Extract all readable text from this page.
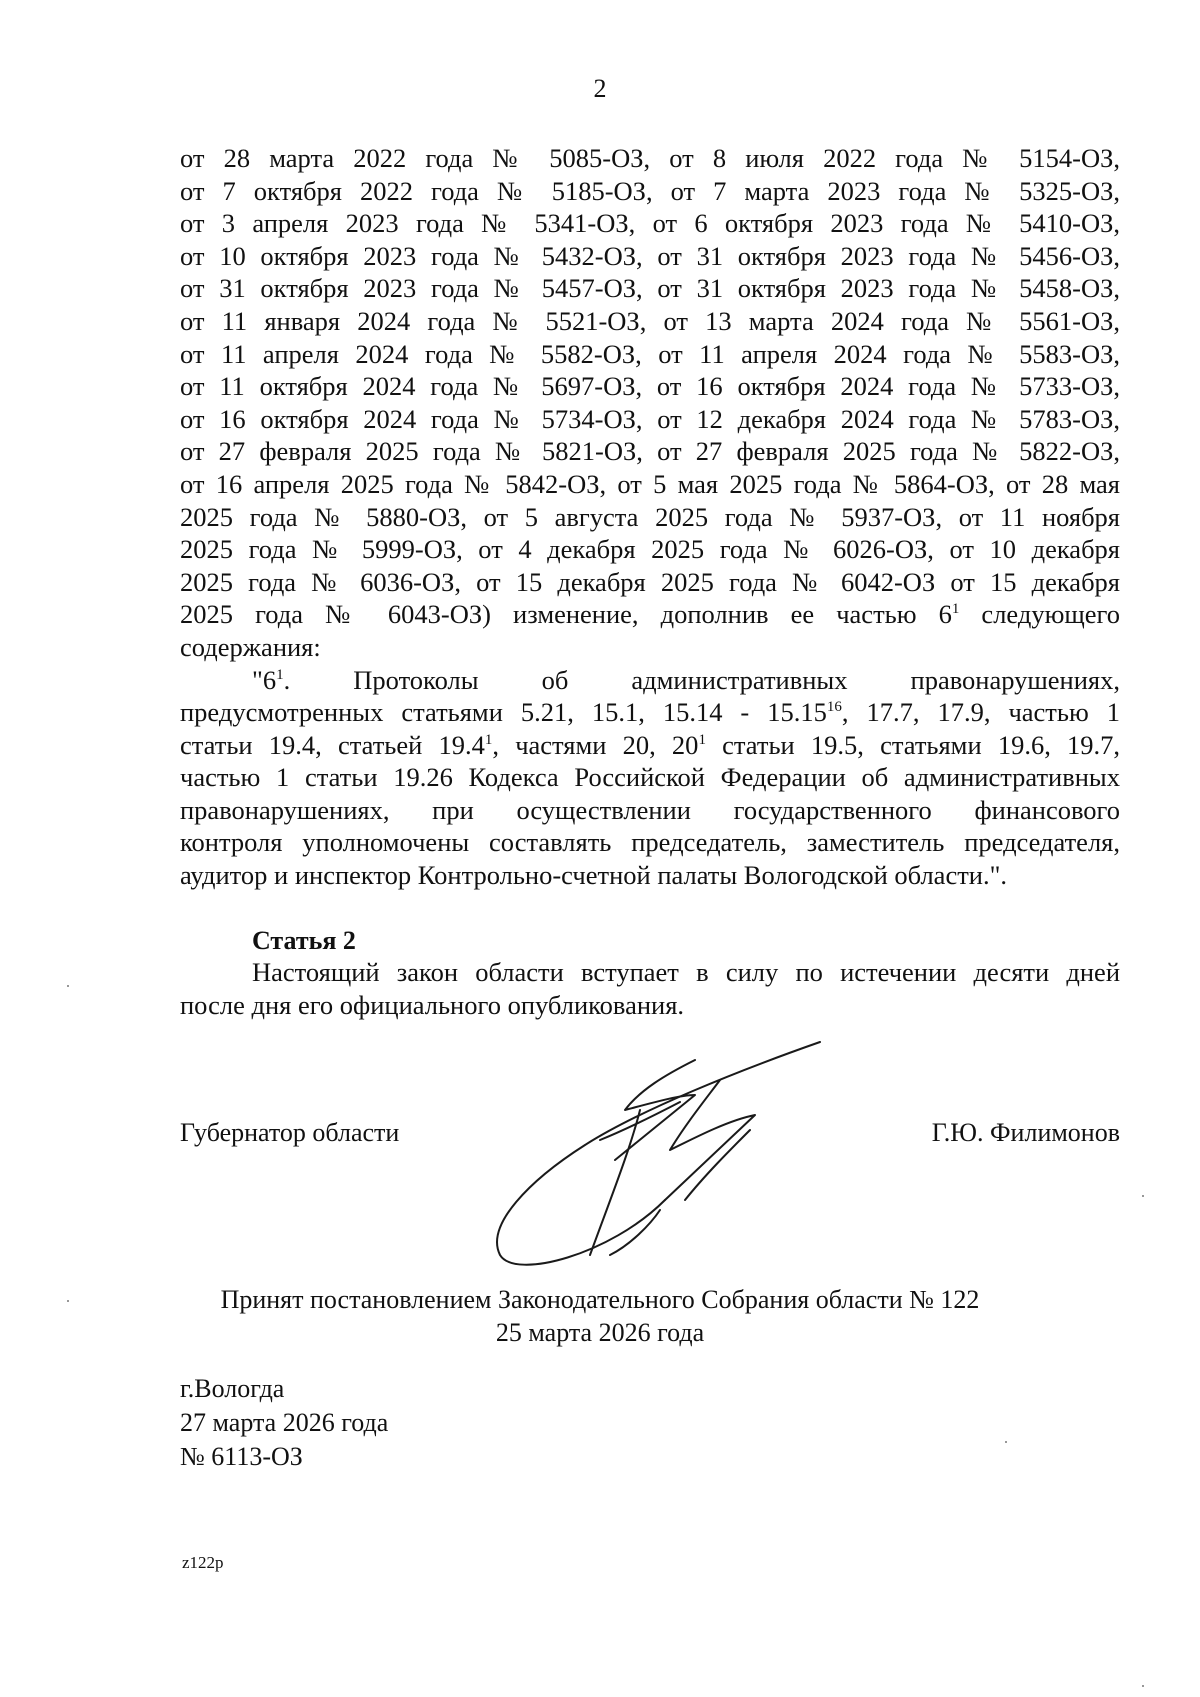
2
от 28 марта 2022 года № 5085-ОЗ, от 8 июля 2022 года № 5154-ОЗ,
от 7 октября 2022 года № 5185-ОЗ, от 7 марта 2023 года № 5325-ОЗ,
от 3 апреля 2023 года № 5341-ОЗ, от 6 октября 2023 года № 5410-ОЗ,
от 10 октября 2023 года № 5432-ОЗ, от 31 октября 2023 года № 5456-ОЗ,
от 31 октября 2023 года № 5457-ОЗ, от 31 октября 2023 года № 5458-ОЗ,
от 11 января 2024 года № 5521-ОЗ, от 13 марта 2024 года № 5561-ОЗ,
от 11 апреля 2024 года № 5582-ОЗ, от 11 апреля 2024 года № 5583-ОЗ,
от 11 октября 2024 года № 5697-ОЗ, от 16 октября 2024 года № 5733-ОЗ,
от 16 октября 2024 года № 5734-ОЗ, от 12 декабря 2024 года № 5783-ОЗ,
от 27 февраля 2025 года № 5821-ОЗ, от 27 февраля 2025 года № 5822-ОЗ,
от 16 апреля 2025 года № 5842-ОЗ, от 5 мая 2025 года № 5864-ОЗ, от 28 мая
2025 года № 5880-ОЗ, от 5 августа 2025 года № 5937-ОЗ, от 11 ноября
2025 года № 5999-ОЗ, от 4 декабря 2025 года № 6026-ОЗ, от 10 декабря
2025 года № 6036-ОЗ, от 15 декабря 2025 года № 6042-ОЗ от 15 декабря
2025 года № 6043-ОЗ) изменение, дополнив ее частью $6^1$ следующего
содержания:
"$6^1$. Протоколы об административных правонарушениях,
предусмотренных статьями 5.21, 15.1, 15.14 - 15.15$^{16}$, 17.7, 17.9, частью 1
статьи 19.4, статьей 19.4$^1$, частями 20, $20^1$ статьи 19.5, статьями 19.6, 19.7,
частью 1 статьи 19.26 Кодекса Российской Федерации об административных
правонарушениях, при осуществлении государственного финансового
контроля уполномочены составлять председатель, заместитель председателя,
аудитор и инспектор Контрольно-счетной палаты Вологодской области.".
Статья 2
Настоящий закон области вступает в силу по истечении десяти дней
после дня его официального опубликования.
Губернатор области	Г.Ю. Филимонов
Принят постановлением Законодательного Собрания области № 122
25 марта 2026 года
г.Вологда
27 марта 2026 года
№ 6113-ОЗ
z122p
